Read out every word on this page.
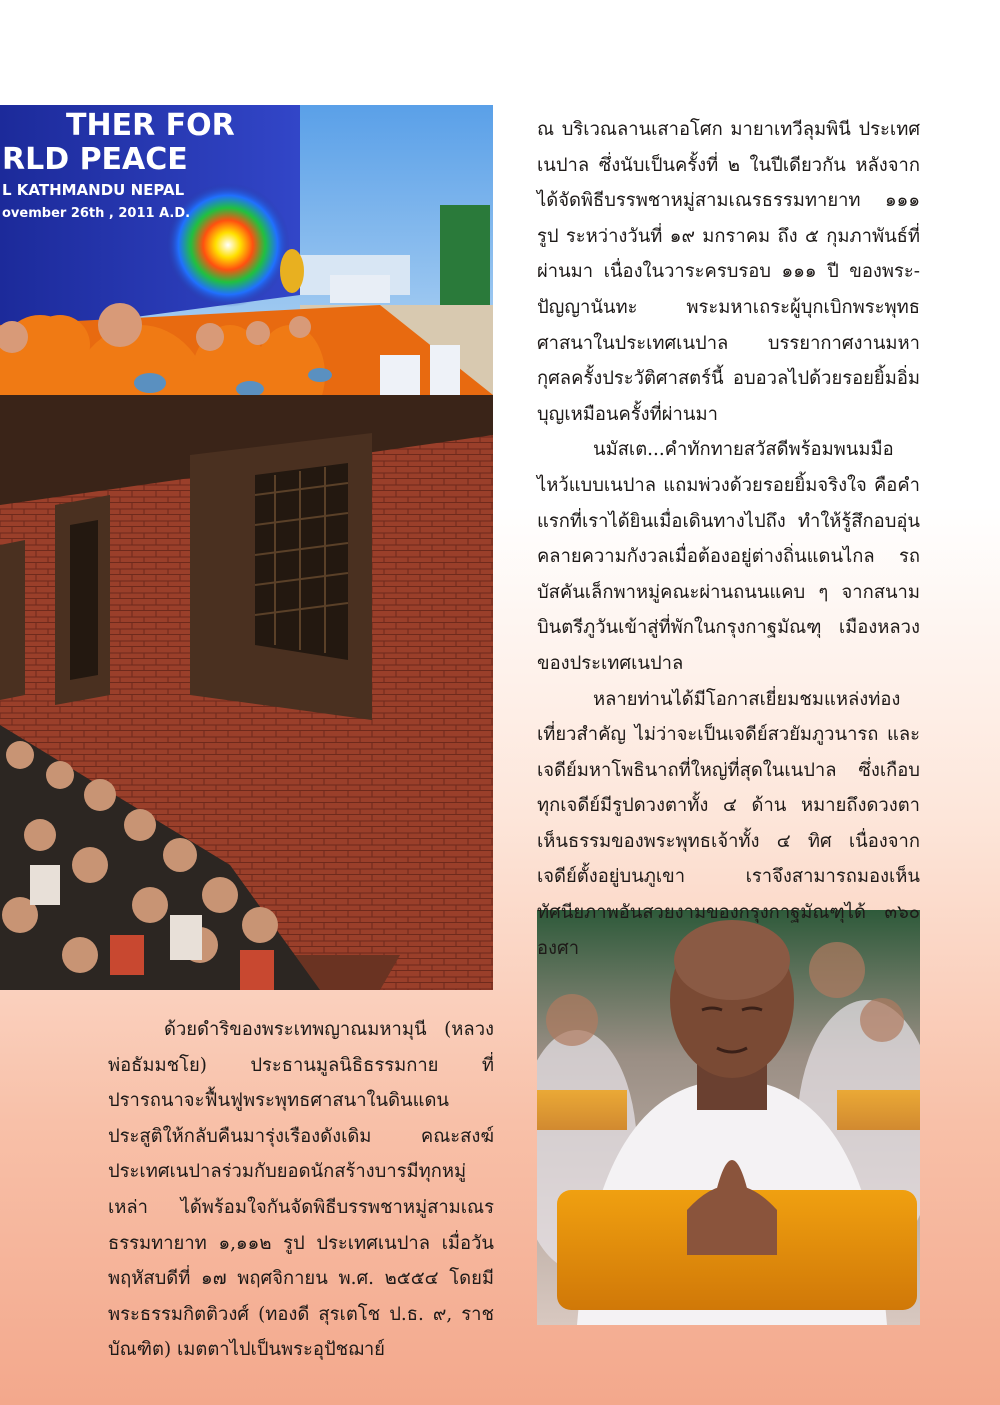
THER FOR
RLD PEACE
L KATHMANDU NEPAL
ovember 26th , 2011 A.D.

ณ บริเวณลานเสาอโศก มายาเทวีลุมพินี ประเทศเนปาล ซึ่งนับเป็นครั้งที่ ๒ ในปีเดียวกัน หลังจากได้จัดพิธีบรรพชาหมู่สามเณรธรรมทายาท ๑๑๑ รูป ระหว่างวันที่ ๑๙ มกราคม ถึง ๕ กุมภาพันธ์ที่ผ่านมา เนื่องในวาระครบรอบ ๑๑๑ ปี ของพระ-ปัญญานันทะ พระมหาเถระผู้บุกเบิกพระพุทธศาสนาในประเทศเนปาล บรรยากาศงานมหากุศลครั้งประวัติศาสตร์นี้ อบอวลไปด้วยรอยยิ้มอิ่มบุญเหมือนครั้งที่ผ่านมา

นมัสเต...คำทักทายสวัสดีพร้อมพนมมือไหว้แบบเนปาล แถมพ่วงด้วยรอยยิ้มจริงใจ คือคำแรกที่เราได้ยินเมื่อเดินทางไปถึง ทำให้รู้สึกอบอุ่นคลายความกังวลเมื่อต้องอยู่ต่างถิ่นแดนไกล รถบัสคันเล็กพาหมู่คณะผ่านถนนแคบ ๆ จากสนามบินตรีภูวันเข้าสู่ที่พักในกรุงกาฐมัณฑุ เมืองหลวงของประเทศเนปาล

หลายท่านได้มีโอกาสเยี่ยมชมแหล่งท่องเที่ยวสำคัญ ไม่ว่าจะเป็นเจดีย์สวยัมภูวนารถ และเจดีย์มหาโพธินาถที่ใหญ่ที่สุดในเนปาล ซึ่งเกือบทุกเจดีย์มีรูปดวงตาทั้ง ๔ ด้าน หมายถึงดวงตาเห็นธรรมของพระพุทธเจ้าทั้ง ๔ ทิศ เนื่องจากเจดีย์ตั้งอยู่บนภูเขา เราจึงสามารถมองเห็นทัศนียภาพอันสวยงามของกรุงกาฐมัณฑุได้ ๓๖๐ องศา

ด้วยดำริของพระเทพญาณมหามุนี (หลวงพ่อธัมมชโย) ประธานมูลนิธิธรรมกาย ที่ปรารถนาจะฟื้นฟูพระพุทธศาสนาในดินแดนประสูติให้กลับคืนมารุ่งเรืองดังเดิม คณะสงฆ์ประเทศเนปาลร่วมกับยอดนักสร้างบารมีทุกหมู่เหล่า ได้พร้อมใจกันจัดพิธีบรรพชาหมู่สามเณรธรรมทายาท ๑,๑๑๒ รูป ประเทศเนปาล เมื่อวันพฤหัสบดีที่ ๑๗ พฤศจิกายน พ.ศ. ๒๕๕๔ โดยมีพระธรรมกิตติวงศ์ (ทองดี สุรเตโช ป.ธ. ๙, ราชบัณฑิต) เมตตาไปเป็นพระอุปัชฌาย์
